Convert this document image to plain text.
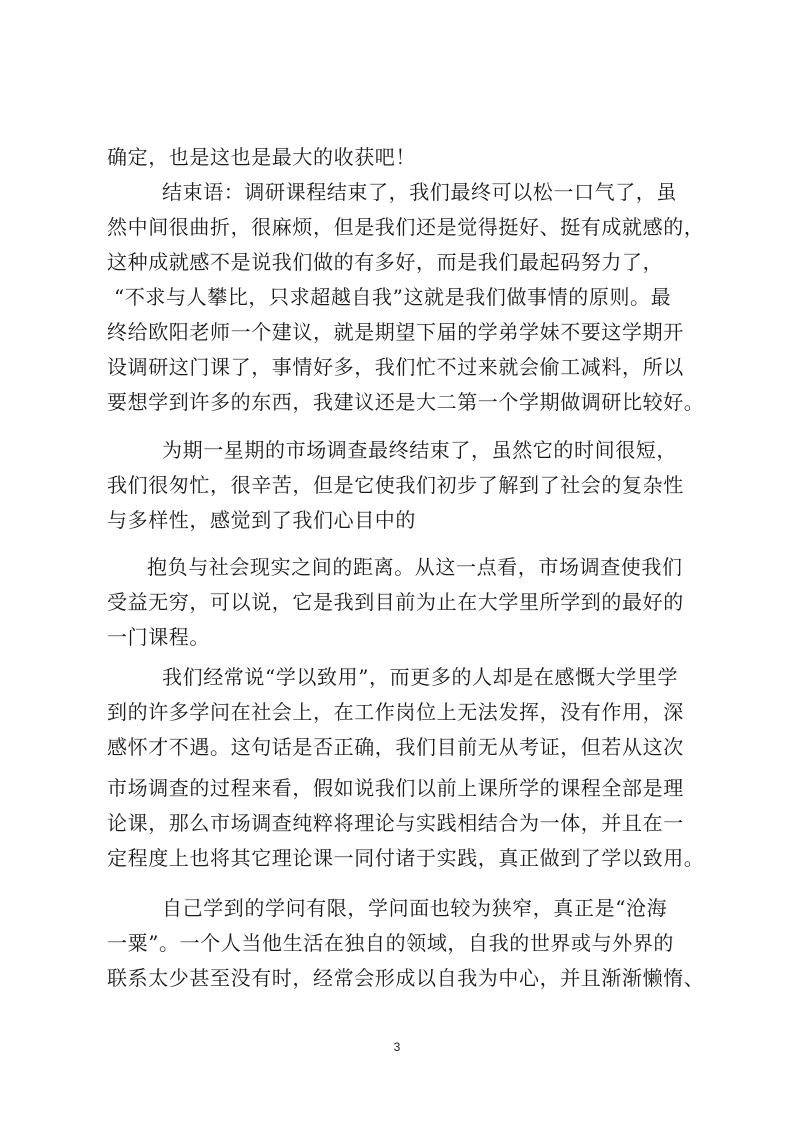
确定，也是这也是最大的收获吧！
结束语：调研课程结束了，我们最终可以松一口气了，虽
然中间很曲折，很麻烦，但是我们还是觉得挺好、挺有成就感的，
这种成就感不是说我们做的有多好，而是我们最起码努力了，
“不求与人攀比，只求超越自我”这就是我们做事情的原则。最
终给欧阳老师一个建议，就是期望下届的学弟学妹不要这学期开
设调研这门课了，事情好多，我们忙不过来就会偷工减料，所以
要想学到许多的东西，我建议还是大二第一个学期做调研比较好。
为期一星期的市场调查最终结束了，虽然它的时间很短，
我们很匆忙，很辛苦，但是它使我们初步了解到了社会的复杂性
与多样性，感觉到了我们心目中的
抱负与社会现实之间的距离。从这一点看，市场调查使我们
受益无穷，可以说，它是我到目前为止在大学里所学到的最好的
一门课程。
我们经常说“学以致用”，而更多的人却是在感慨大学里学
到的许多学问在社会上，在工作岗位上无法发挥，没有作用，深
感怀才不遇。这句话是否正确，我们目前无从考证，但若从这次
市场调查的过程来看，假如说我们以前上课所学的课程全部是理
论课，那么市场调查纯粹将理论与实践相结合为一体，并且在一
定程度上也将其它理论课一同付诸于实践，真正做到了学以致用。
自己学到的学问有限，学问面也较为狭窄，真正是“沧海
一粟”。一个人当他生活在独自的领域，自我的世界或与外界的
联系太少甚至没有时，经常会形成以自我为中心，并且渐渐懒惰、
3
